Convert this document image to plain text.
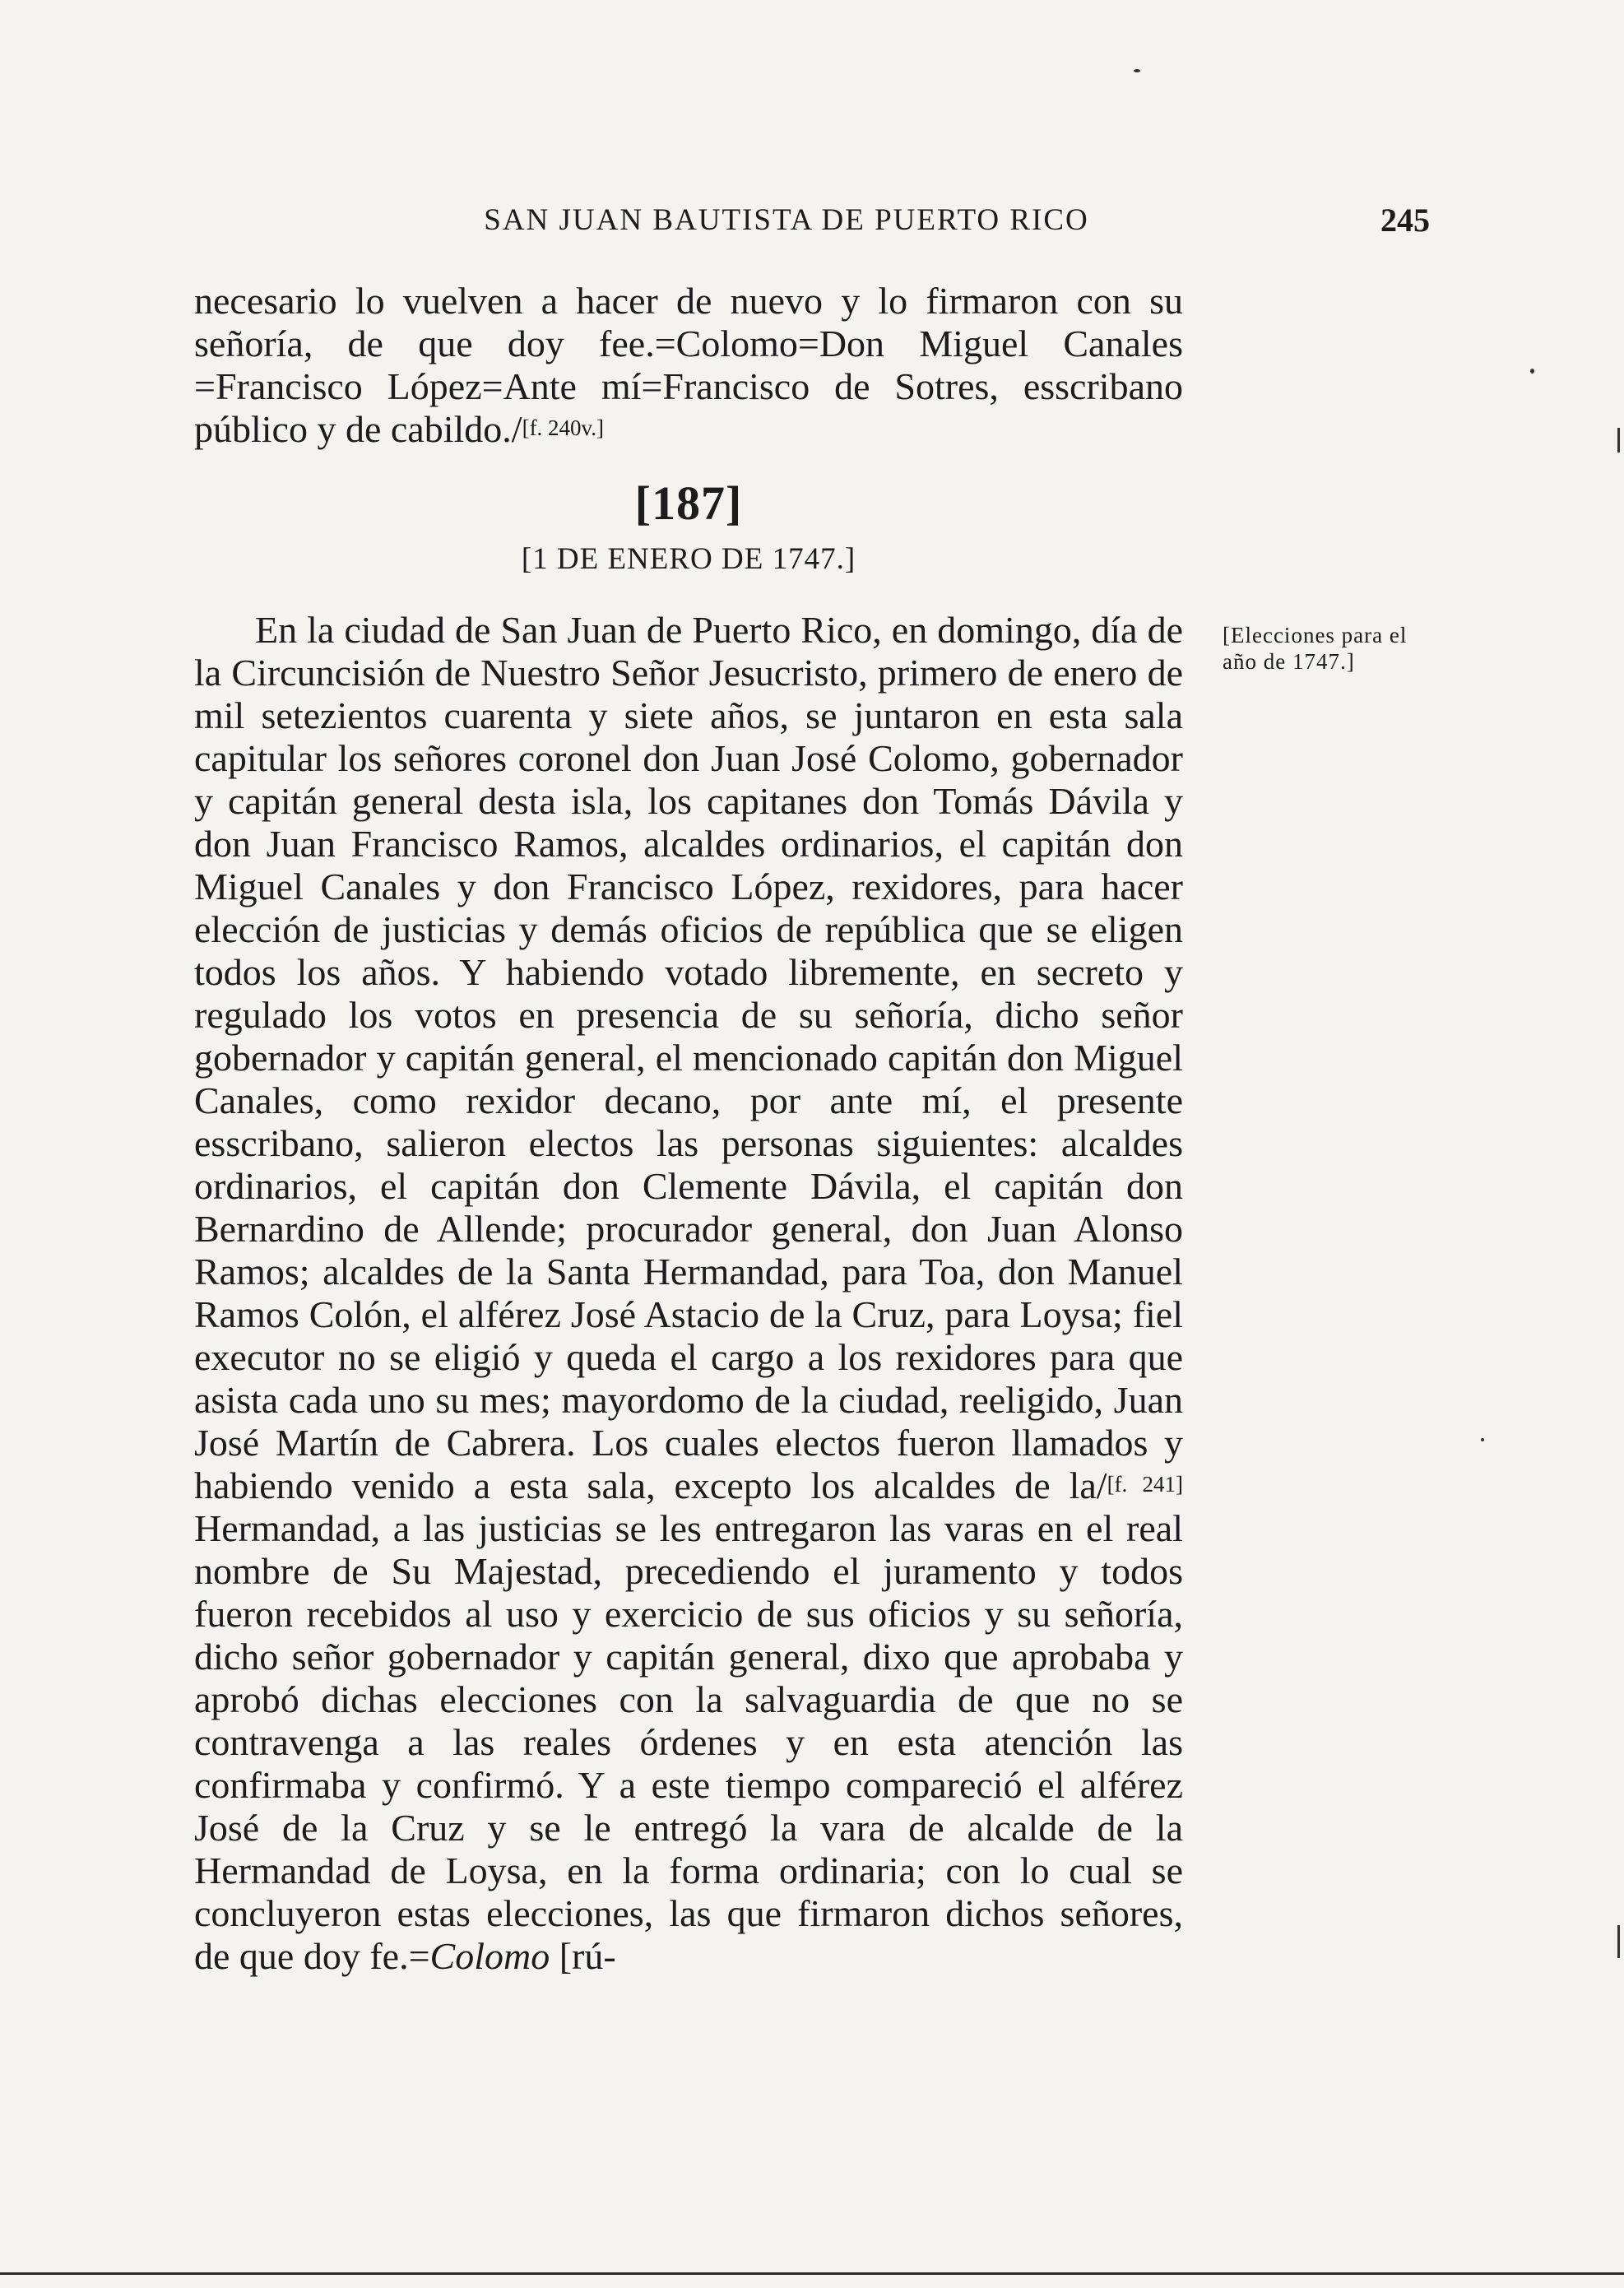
SAN JUAN BAUTISTA DE PUERTO RICO	245

necesario lo vuelven a hacer de nuevo y lo firmaron con su señoría, de que doy fee.=Colomo=Don Miguel Canales =Francisco López=Ante mí=Francisco de Sotres, esscribano público y de cabildo./[f. 240v.]

[187]
[1 DE ENERO DE 1747.]
[Elecciones para el año de 1747.]

En la ciudad de San Juan de Puerto Rico, en domingo, día de la Circuncisión de Nuestro Señor Jesucristo, primero de enero de mil setezientos cuarenta y siete años, se juntaron en esta sala capitular los señores coronel don Juan José Colomo, gobernador y capitán general desta isla, los capitanes don Tomás Dávila y don Juan Francisco Ramos, alcaldes ordinarios, el capitán don Miguel Canales y don Francisco López, rexidores, para hacer elección de justicias y demás oficios de república que se eligen todos los años. Y habiendo votado libremente, en secreto y regulado los votos en presencia de su señoría, dicho señor gobernador y capitán general, el mencionado capitán don Miguel Canales, como rexidor decano, por ante mí, el presente esscribano, salieron electos las personas siguientes: alcaldes ordinarios, el capitán don Clemente Dávila, el capitán don Bernardino de Allende; procurador general, don Juan Alonso Ramos; alcaldes de la Santa Hermandad, para Toa, don Manuel Ramos Colón, el alférez José Astacio de la Cruz, para Loysa; fiel executor no se eligió y queda el cargo a los rexidores para que asista cada uno su mes; mayordomo de la ciudad, reeligido, Juan José Martín de Cabrera. Los cuales electos fueron llamados y habiendo venido a esta sala, excepto los alcaldes de la/[f. 241] Hermandad, a las justicias se les entregaron las varas en el real nombre de Su Majestad, precediendo el juramento y todos fueron recebidos al uso y exercicio de sus oficios y su señoría, dicho señor gobernador y capitán general, dixo que aprobaba y aprobó dichas elecciones con la salvaguardia de que no se contravenga a las reales órdenes y en esta atención las confirmaba y confirmó. Y a este tiempo compareció el alférez José de la Cruz y se le entregó la vara de alcalde de la Hermandad de Loysa, en la forma ordinaria; con lo cual se concluyeron estas elecciones, las que firmaron dichos señores, de que doy fe.=Colomo [rú-
